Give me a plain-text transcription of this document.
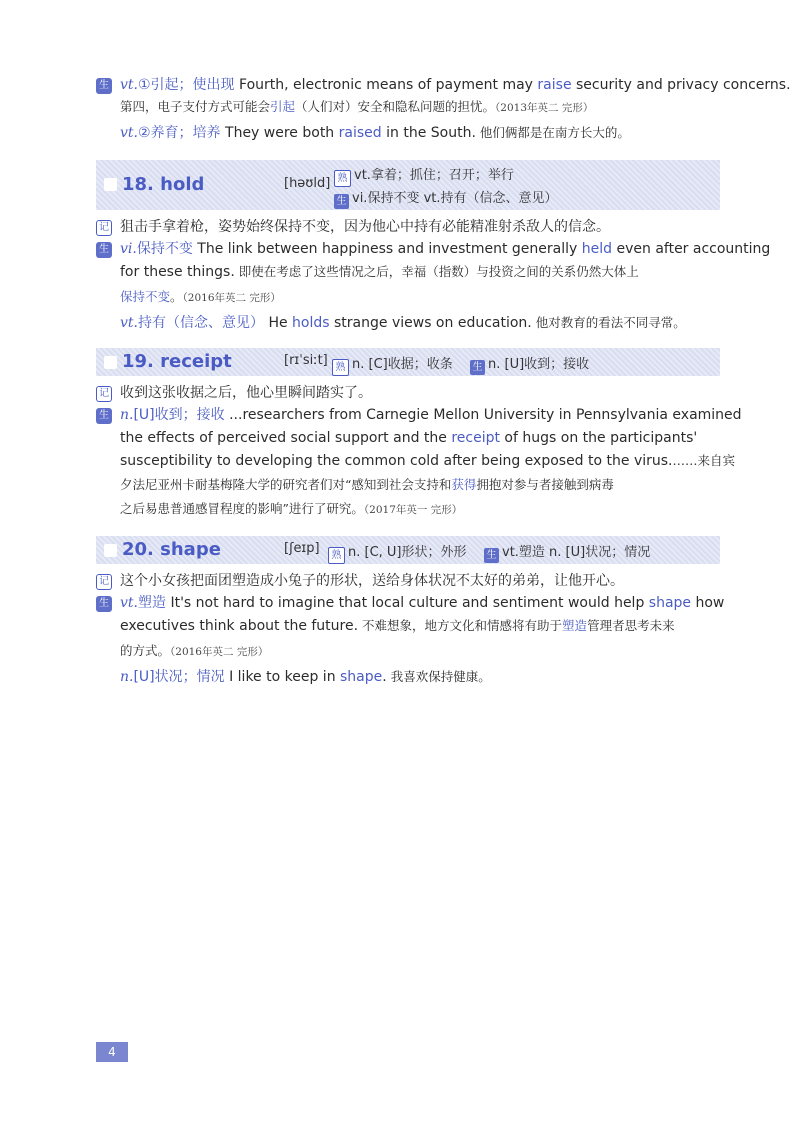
生 vt.①引起；使出现 Fourth, electronic means of payment may raise security and privacy concerns.
第四，电子支付方式可能会引起（人们对）安全和隐私问题的担忧。（2013年英二 完形）
vt.②养育；培养 They were both raised in the South. 他们俩都是在南方长大的。
18. hold	[həʊld] 熟 vt.拿着；抓住；召开；举行
生 vi.保持不变 vt.持有（信念、意见）
记 狙击手拿着枪，姿势始终保持不变，因为他心中持有必能精准射杀敌人的信念。
生 vi.保持不变 The link between happiness and investment generally held even after accounting
for these things. 即使在考虑了这些情况之后，幸福（指数）与投资之间的关系仍然大体上
保持不变。（2016年英二 完形）
vt.持有（信念、意见） He holds strange views on education. 他对教育的看法不同寻常。
19. receipt	[rɪˈsiːt] 熟 n. [C]收据；收条 生 n. [U]收到；接收
记 收到这张收据之后，他心里瞬间踏实了。
生 n.[U]收到；接收 ...researchers from Carnegie Mellon University in Pennsylvania examined
the effects of perceived social support and the receipt of hugs on the participants'
susceptibility to developing the common cold after being exposed to the virus.……来自宾
夕法尼亚州卡耐基梅隆大学的研究者们对“感知到社会支持和获得拥抱对参与者接触到病毒
之后易患普通感冒程度的影响”进行了研究。（2017年英一 完形）
20. shape	[ʃeɪp]	熟 n. [C, U]形状；外形 生 vt.塑造 n. [U]状况；情况
记 这个小女孩把面团塑造成小兔子的形状，送给身体状况不太好的弟弟，让他开心。
生 vt.塑造 It's not hard to imagine that local culture and sentiment would help shape how
executives think about the future. 不难想象，地方文化和情感将有助于塑造管理者思考未来
的方式。（2016年英二 完形）
n.[U]状况；情况 I like to keep in shape. 我喜欢保持健康。
4
